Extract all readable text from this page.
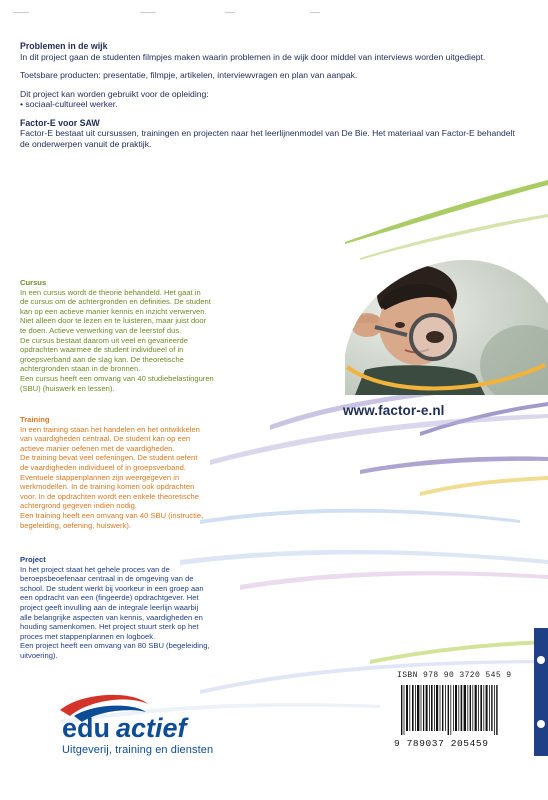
Problemen in de wijk

In dit project gaan de studenten filmpjes maken waarin problemen in de wijk door middel van interviews worden uitgediept.

Toetsbare producten: presentatie, filmpje, artikelen, interviewvragen en plan van aanpak.

Dit project kan worden gebruikt voor de opleiding:

• sociaal-cultureel werker.

Factor-E voor SAW

Factor-E bestaat uit cursussen, trainingen en projecten naar het leerlijnenmodel van De Bie. Het materiaal van Factor-E behandelt de onderwerpen vanuit de praktijk.

Cursus

In een cursus wordt de theorie behandeld. Het gaat in

de cursus om de achtergronden en definities. De student

kan op een actieve manier kennis en inzicht verwerven.

Niet alleen door te lezen en te luisteren, maar juist door

te doen. Actieve verwerking van de leerstof dus.

De cursus bestaat daarom uit veel en gevarieerde

opdrachten waarmee de student individueel of in

groepsverband aan de slag kan. De theoretische

achtergronden staan in de bronnen.

Een cursus heeft een omvang van 40 studiebelastinguren

(SBU) (huiswerk en lessen).

Training

In een training staan het handelen en het ontwikkelen

van vaardigheden centraal. De student kan op een

actieve manier oefenen met de vaardigheden.

De training bevat veel oefeningen. De student oefent

de vaardigheden individueel of in groepsverband.

Eventuele stappenplannen zijn weergegeven in

werkmodellen. In de training komen ook opdrachten

voor. In de opdrachten wordt een enkele theoretische

achtergrond gegeven indien nodig.

Een training heeft een omvang van 40 SBU (instructie,

begeleiding, oefening, huiswerk).

Project

In het project staat het gehele proces van de

beroepsbeoefenaar centraal in de omgeving van de

school. De student werkt bij voorkeur in een groep aan

een opdracht van een (fingeerde) opdrachtgever. Het

project geeft invulling aan de integrale leerlijn waarbij

alle belangrijke aspecten van kennis, vaardigheden en

houding samenkomen. Het project stuurt sterk op het

proces met stappenplannen en logboek.

Een project heeft een omvang van 80 SBU (begeleiding,

uitvoering).

www.factor-e.nl
ISBN 978 90 3720 545 9
9 789037 205459
edu actief
Uitgeverij, training en diensten
